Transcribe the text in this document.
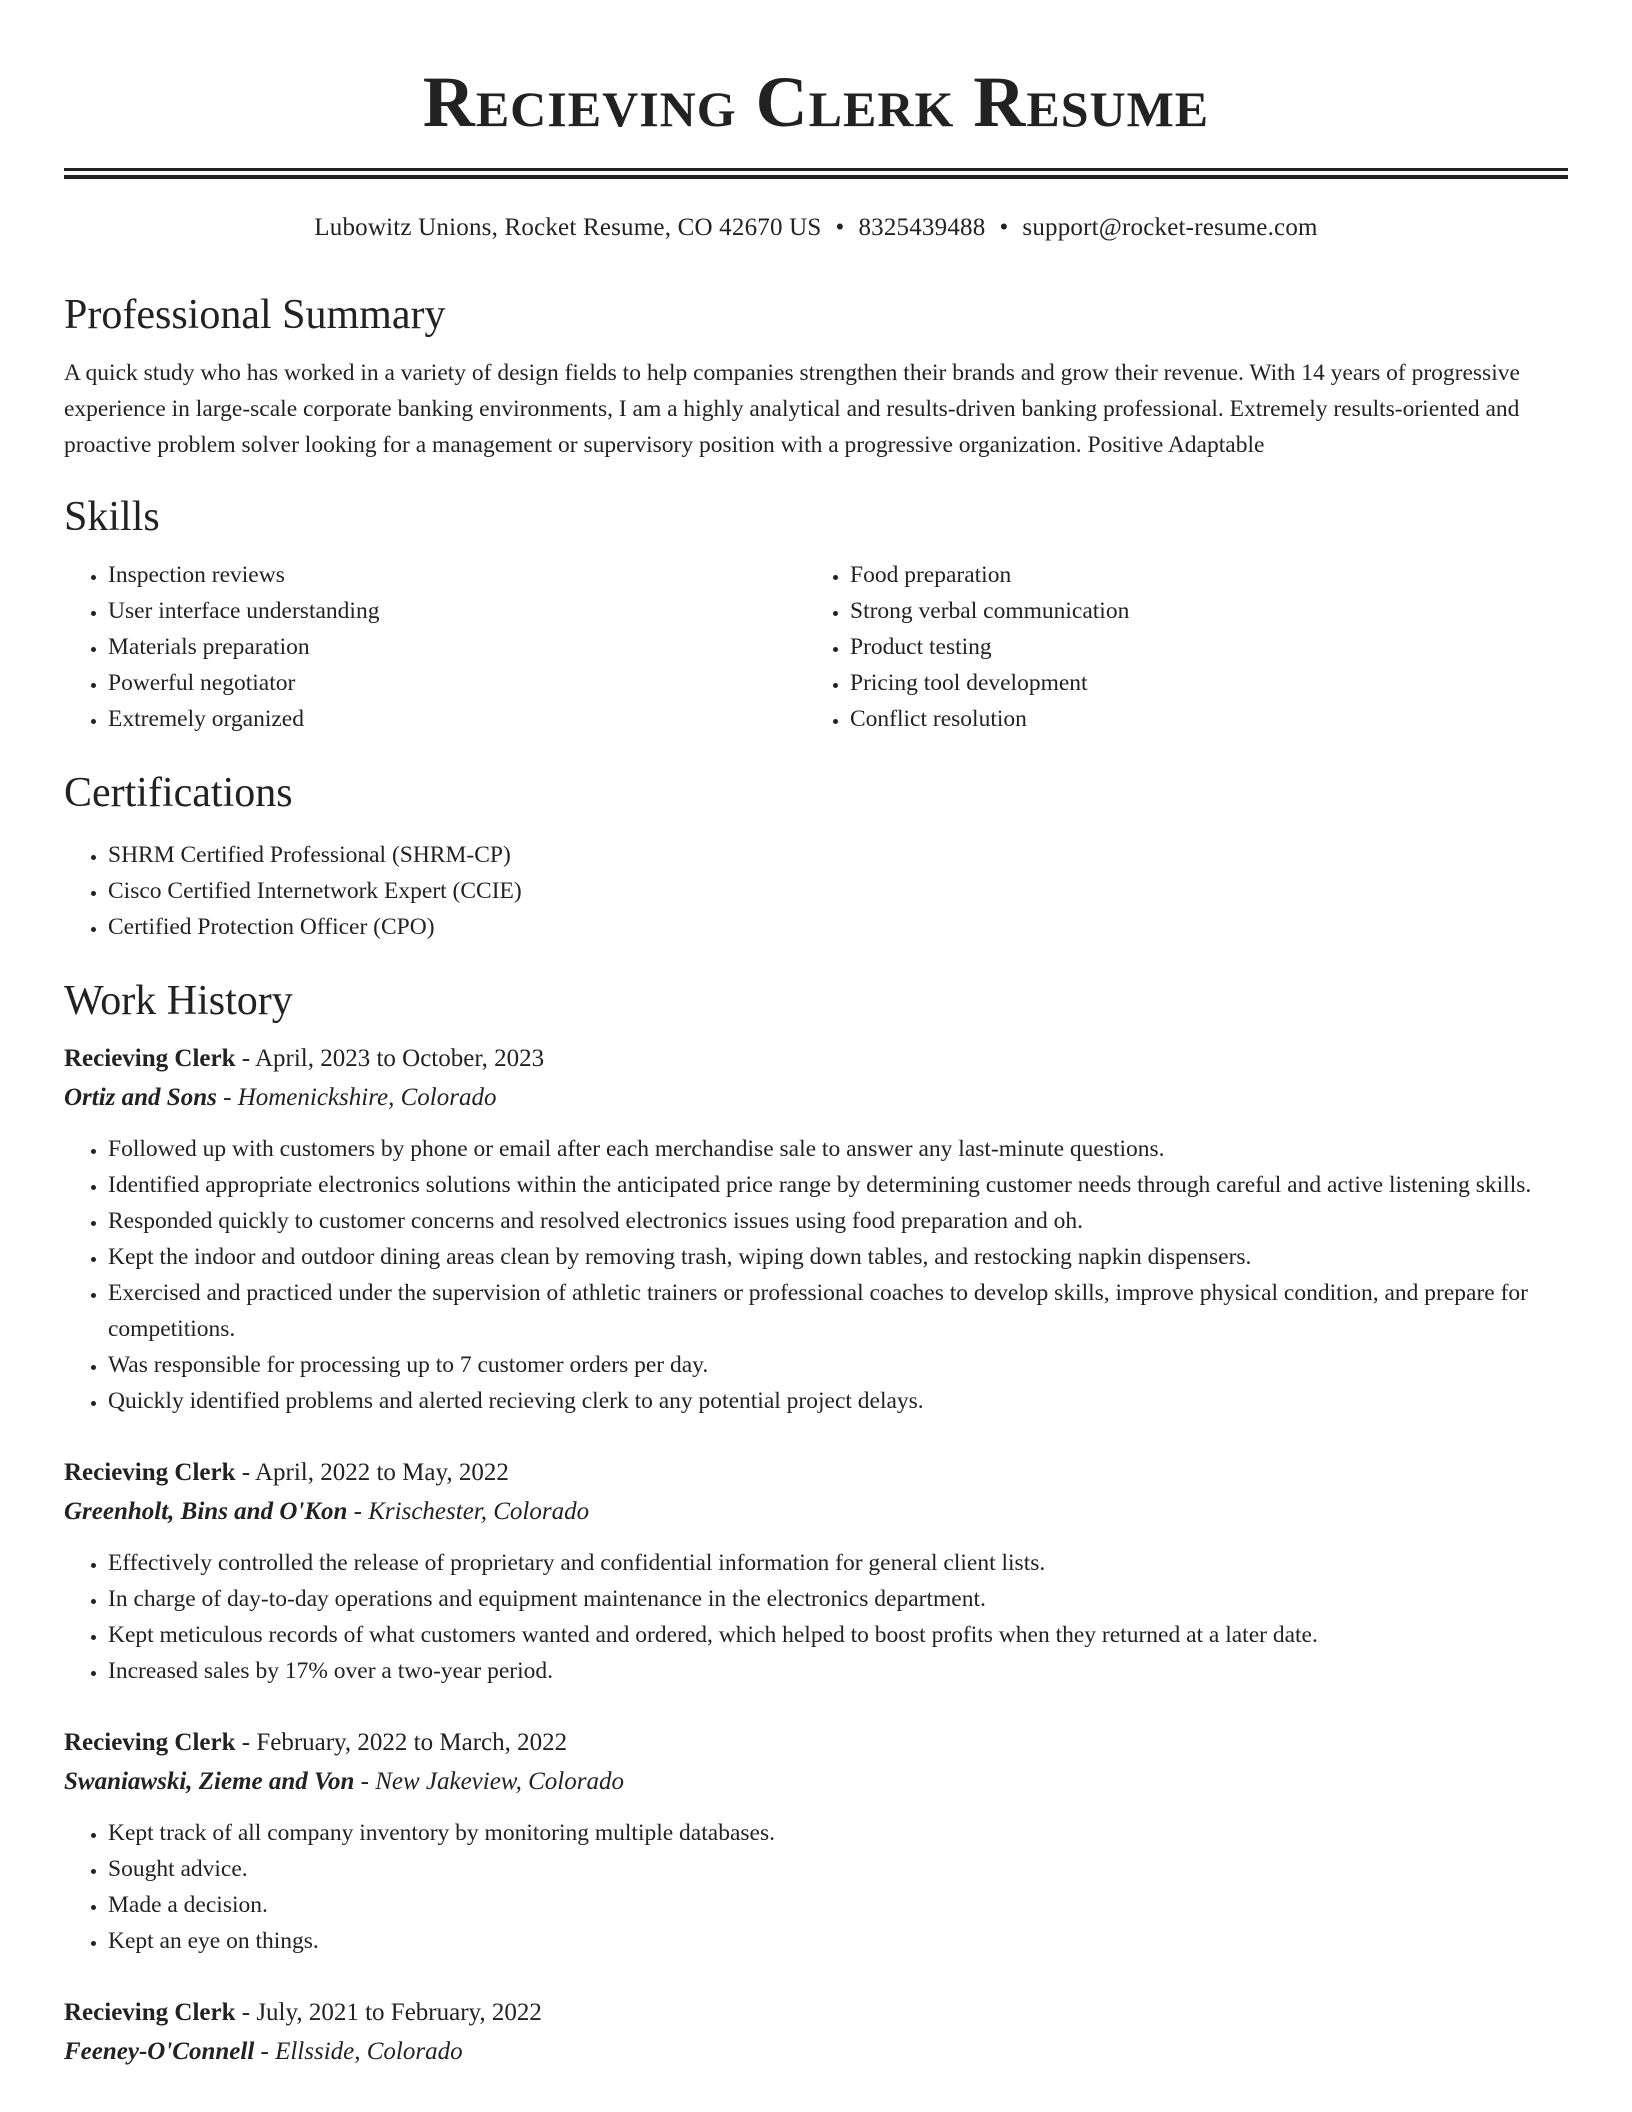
Recieving Clerk Resume
Lubowitz Unions, Rocket Resume, CO 42670 US • 8325439488 • support@rocket-resume.com
Professional Summary

A quick study who has worked in a variety of design fields to help companies strengthen their brands and grow their revenue. With 14 years of progressive experience in large-scale corporate banking environments, I am a highly analytical and results-driven banking professional. Extremely results-oriented and proactive problem solver looking for a management or supervisory position with a progressive organization. Positive Adaptable

Skills
• Inspection reviews
• User interface understanding
• Materials preparation
• Powerful negotiator
• Extremely organized
• Food preparation
• Strong verbal communication
• Product testing
• Pricing tool development
• Conflict resolution
Certifications
• SHRM Certified Professional (SHRM-CP)
• Cisco Certified Internetwork Expert (CCIE)
• Certified Protection Officer (CPO)
Work History
Recieving Clerk - April, 2023 to October, 2023
Ortiz and Sons - Homenickshire, Colorado
• Followed up with customers by phone or email after each merchandise sale to answer any last-minute questions.
• Identified appropriate electronics solutions within the anticipated price range by determining customer needs through careful and active listening skills.
• Responded quickly to customer concerns and resolved electronics issues using food preparation and oh.
• Kept the indoor and outdoor dining areas clean by removing trash, wiping down tables, and restocking napkin dispensers.
• Exercised and practiced under the supervision of athletic trainers or professional coaches to develop skills, improve physical condition, and prepare for competitions.
• Was responsible for processing up to 7 customer orders per day.
• Quickly identified problems and alerted recieving clerk to any potential project delays.
Recieving Clerk - April, 2022 to May, 2022
Greenholt, Bins and O'Kon - Krischester, Colorado
• Effectively controlled the release of proprietary and confidential information for general client lists.
• In charge of day-to-day operations and equipment maintenance in the electronics department.
• Kept meticulous records of what customers wanted and ordered, which helped to boost profits when they returned at a later date.
• Increased sales by 17% over a two-year period.
Recieving Clerk - February, 2022 to March, 2022
Swaniawski, Zieme and Von - New Jakeview, Colorado
• Kept track of all company inventory by monitoring multiple databases.
• Sought advice.
• Made a decision.
• Kept an eye on things.
Recieving Clerk - July, 2021 to February, 2022
Feeney-O'Connell - Ellsside, Colorado
